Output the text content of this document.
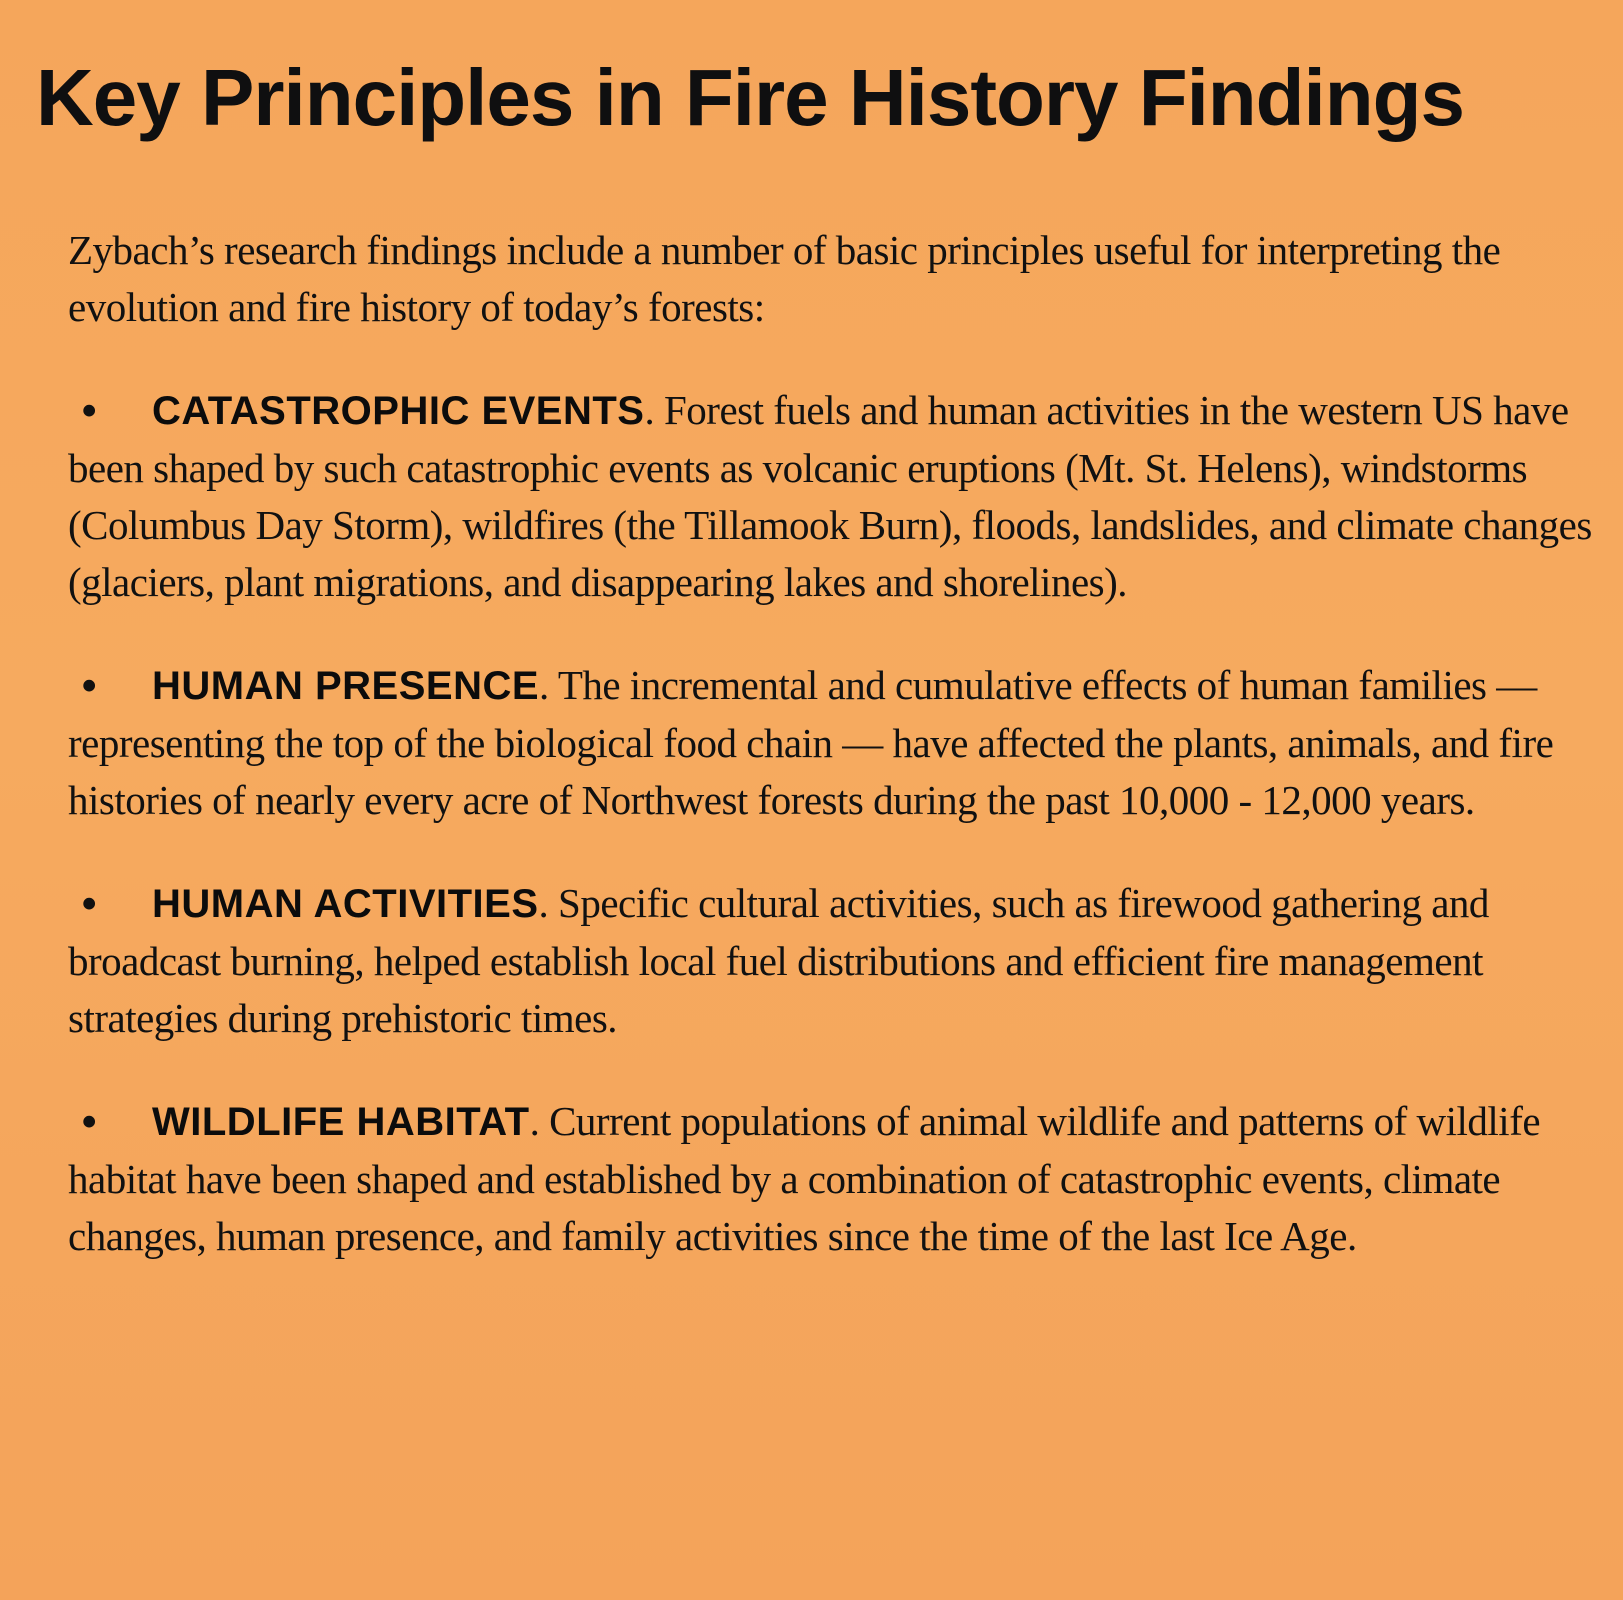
Key Principles in Fire History Findings

Zybach’s research findings include a number of basic principles useful for interpreting the evolution and fire history of today’s forests:

• CATASTROPHIC EVENTS. Forest fuels and human activities in the western US have been shaped by such catastrophic events as volcanic eruptions (Mt. St. Helens), windstorms (Columbus Day Storm), wildfires (the Tillamook Burn), floods, landslides, and climate changes (glaciers, plant migrations, and disappearing lakes and shorelines).
• HUMAN PRESENCE. The incremental and cumulative effects of human families — representing the top of the biological food chain — have affected the plants, animals, and fire histories of nearly every acre of Northwest forests during the past 10,000 - 12,000 years.
• HUMAN ACTIVITIES. Specific cultural activities, such as firewood gathering and broadcast burning, helped establish local fuel distributions and efficient fire management strategies during prehistoric times.
• WILDLIFE HABITAT. Current populations of animal wildlife and patterns of wildlife habitat have been shaped and established by a combination of catastrophic events, climate changes, human presence, and family activities since the time of the last Ice Age.
